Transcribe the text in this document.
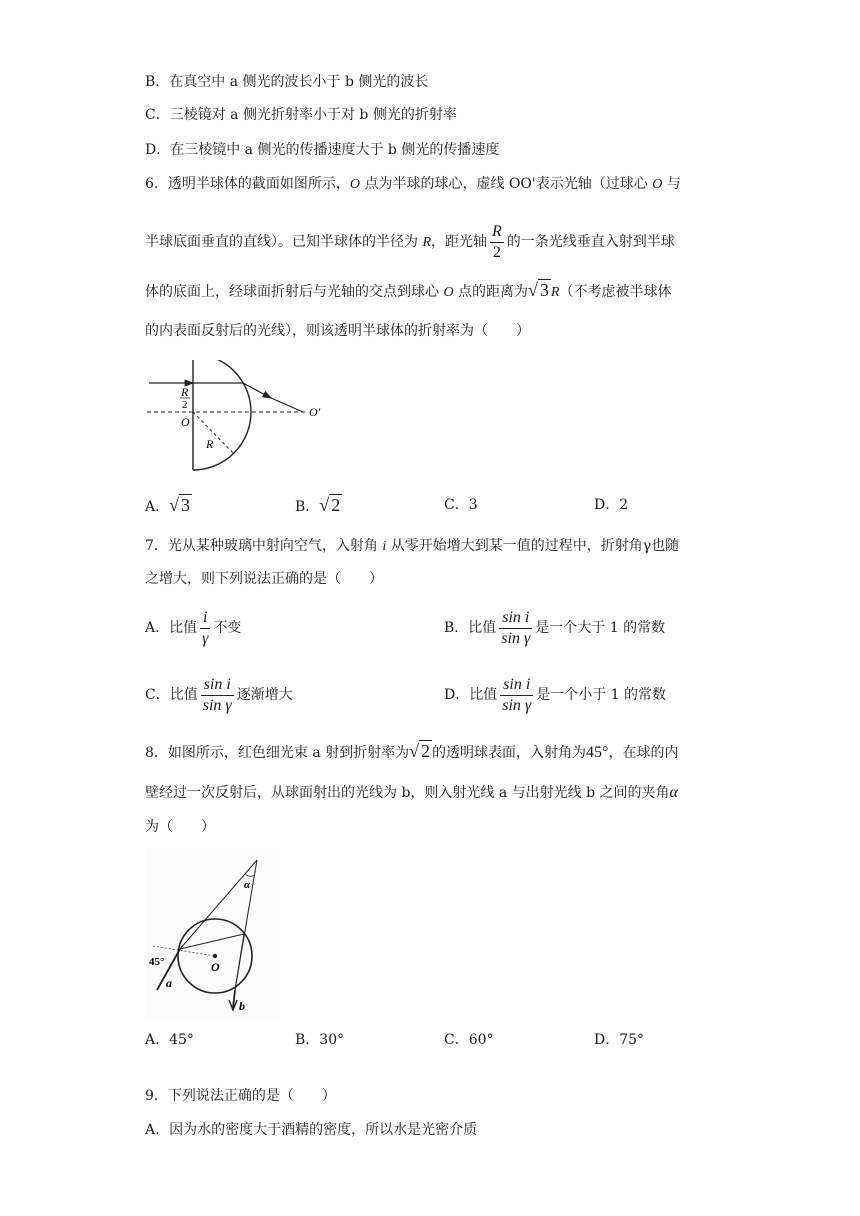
B．在真空中 a 侧光的波长小于 b 侧光的波长
C．三棱镜对 a 侧光折射率小于对 b 侧光的折射率
D．在三棱镜中 a 侧光的传播速度大于 b 侧光的传播速度
6．透明半球体的截面如图所示，O 点为半球的球心，虚线 OO'表示光轴（过球心 O 与
半球底面垂直的直线）。已知半球体的半径为 R，距光轴 $\frac{R}{2}$ 的一条光线垂直入射到半球
体的底面上，经球面折射后与光轴的交点到球心 O 点的距离为√ 3 R（不考虑被半球体
的内表面反射后的光线），则该透明半球体的折射率为（　　）
R
2
O
O′
R
A．√ 3	B．√ 2	C．3	D．2
7．光从某种玻璃中射向空气，入射角 i 从零开始增大到某一值的过程中，折射角γ也随
之增大，则下列说法正确的是（　　）
A．比值 $\frac{i}{\gamma}$ 不变	B．比值 $\frac{\text{sin i}}{\text{sin γ}}$ 是一个大于 1 的常数
C．比值 $\frac{\text{sin i}}{\text{sin γ}}$ 逐渐增大	D．比值 $\frac{\text{sin i}}{\text{sin γ}}$ 是一个小于 1 的常数
8．如图所示，红色细光束 a 射到折射率为√ 2 的透明球表面，入射角为45°，在球的内
壁经过一次反射后，从球面射出的光线为 b，则入射光线 a 与出射光线 b 之间的夹角α
为（　　）
α
45°	O
a
b
A．45°	B．30°	C．60°	D．75°
9．下列说法正确的是（　　）
A．因为水的密度大于酒精的密度，所以水是光密介质
